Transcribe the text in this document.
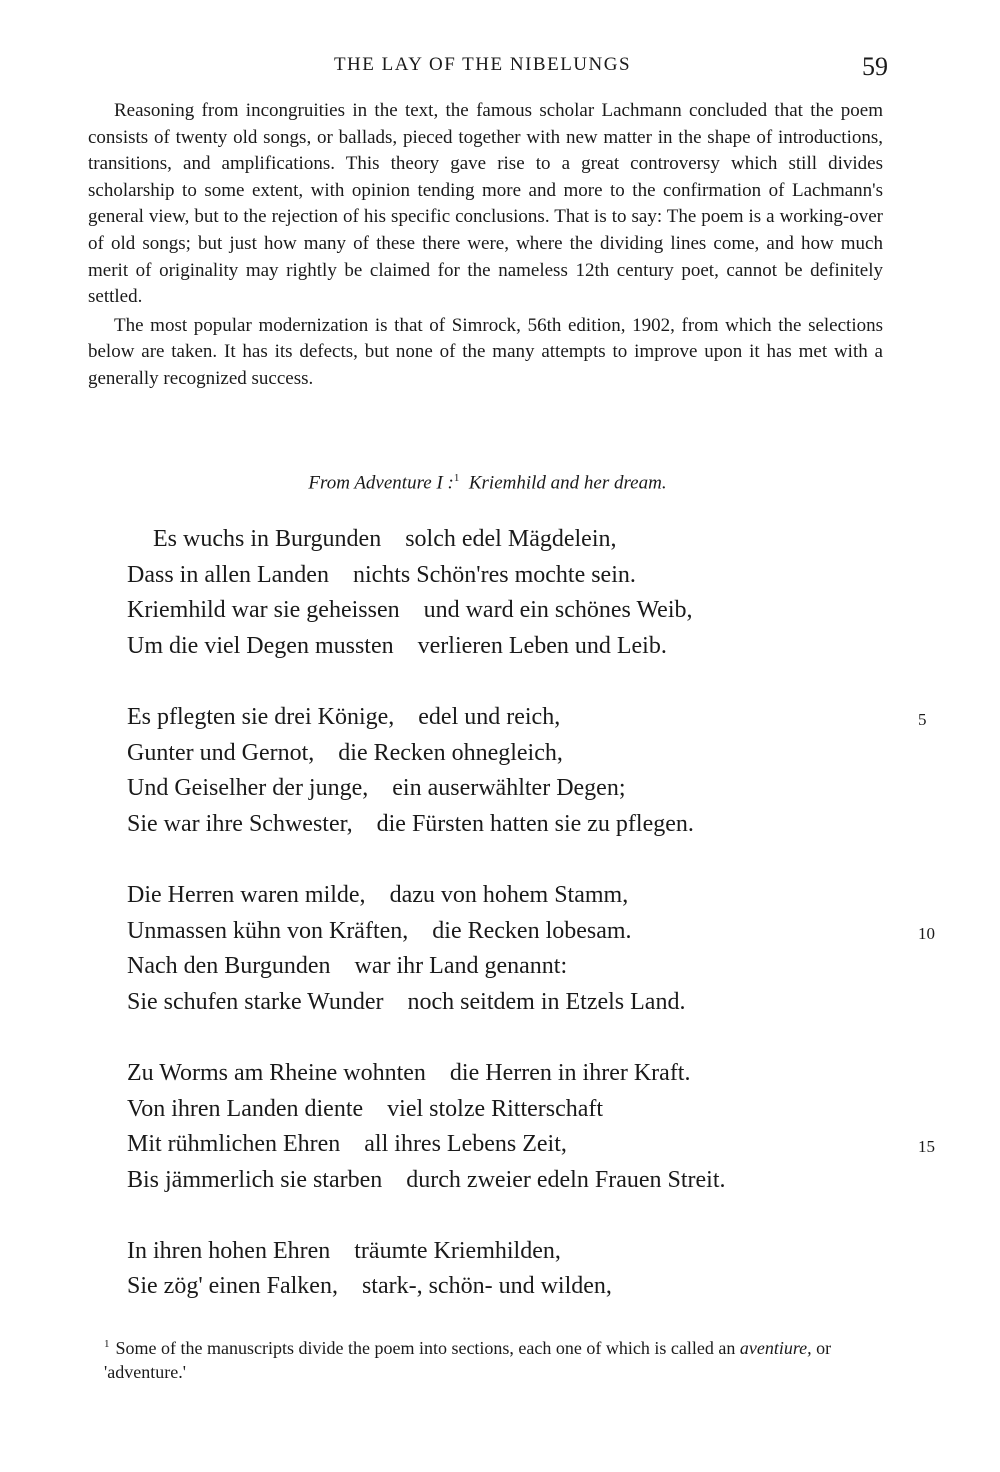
THE LAY OF THE NIBELUNGS	59

Reasoning from incongruities in the text, the famous scholar Lachmann concluded that the poem consists of twenty old songs, or ballads, pieced together with new matter in the shape of introductions, transitions, and amplifications. This theory gave rise to a great controversy which still divides scholarship to some extent, with opinion tending more and more to the confirmation of Lachmann's general view, but to the rejection of his specific conclusions. That is to say: The poem is a working-over of old songs; but just how many of these there were, where the dividing lines come, and how much merit of originality may rightly be claimed for the nameless 12th century poet, cannot be definitely settled.

The most popular modernization is that of Simrock, 56th edition, 1902, from which the selections below are taken. It has its defects, but none of the many attempts to improve upon it has met with a generally recognized success.

From Adventure I :$^1$ Kriemhild and her dream.
Es wuchs in Burgunden solch edel Mägdelein,
Dass in allen Landen nichts Schön'res mochte sein.
Kriemhild war sie geheissen und ward ein schönes Weib,
Um die viel Degen mussten verlieren Leben und Leib.
Es pflegten sie drei Könige, edel und reich,	5
Gunter und Gernot, die Recken ohnegleich,
Und Geiselher der junge, ein auserwählter Degen;
Sie war ihre Schwester, die Fürsten hatten sie zu pflegen.
Die Herren waren milde, dazu von hohem Stamm,
Unmassen kühn von Kräften, die Recken lobesam.	10
Nach den Burgunden war ihr Land genannt:
Sie schufen starke Wunder noch seitdem in Etzels Land.
Zu Worms am Rheine wohnten die Herren in ihrer Kraft.
Von ihren Landen diente viel stolze Ritterschaft
Mit rühmlichen Ehren all ihres Lebens Zeit,	15
Bis jämmerlich sie starben durch zweier edeln Frauen Streit.
In ihren hohen Ehren träumte Kriemhilden,
Sie zög' einen Falken, stark-, schön- und wilden,
$^1$ Some of the manuscripts divide the poem into sections, each one of which is called an aventiure, or 'adventure.'
